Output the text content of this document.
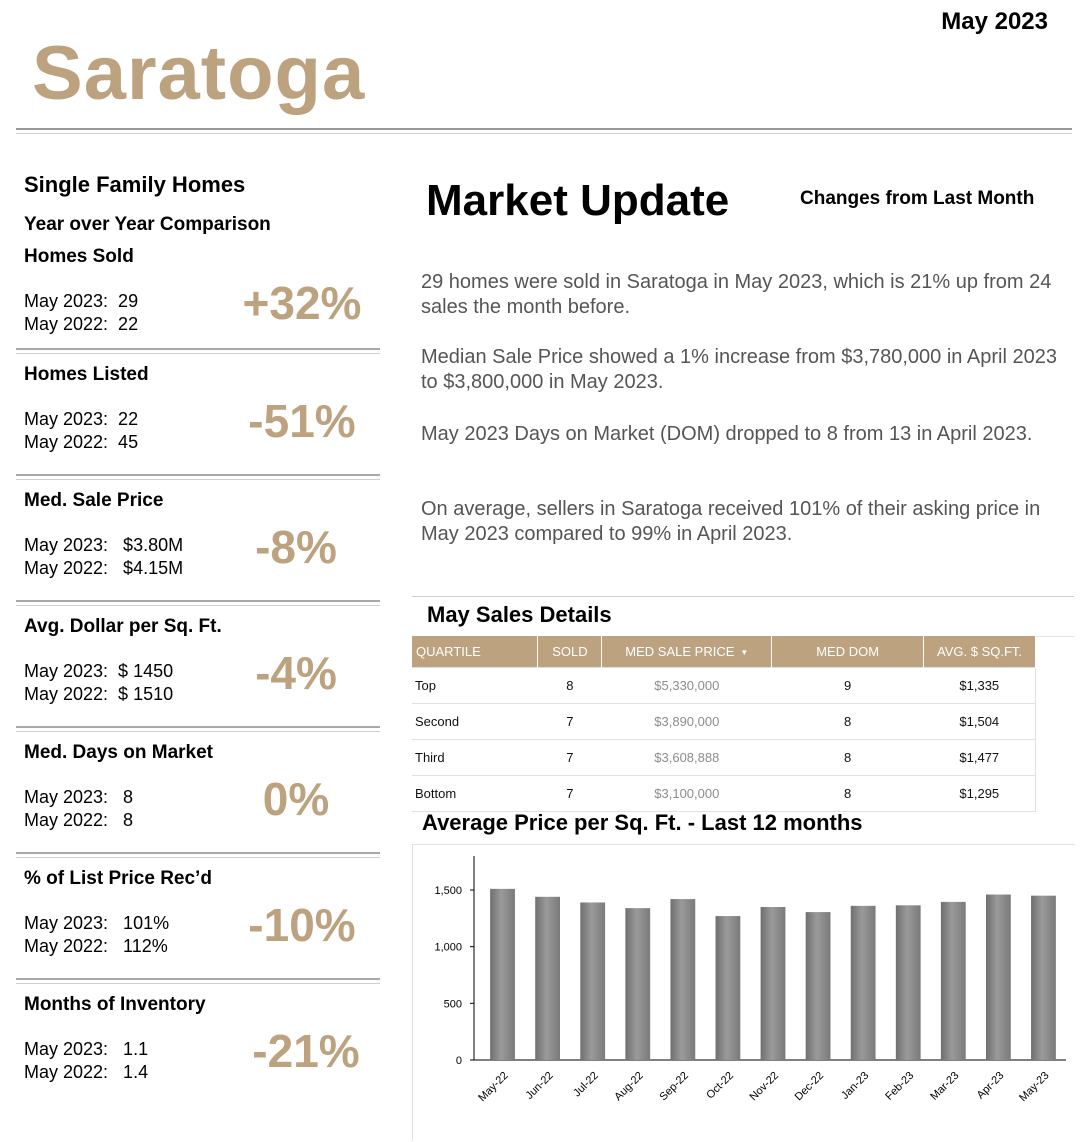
May 2023
Saratoga
Single Family Homes
Year over Year Comparison
Homes Sold
May 2023:  29
May 2022:  22	+32%
Homes Listed
May 2023:  22
May 2022:  45	-51%
Med. Sale Price
May 2023:   $3.80M
May 2022:   $4.15M	-8%
Avg. Dollar per Sq. Ft.
May 2023:  $ 1450
May 2022:  $ 1510	-4%
Med. Days on Market
May 2023:   8
May 2022:   8	0%
% of List Price Rec’d
May 2023:   101%
May 2022:   112%	-10%
Months of Inventory
May 2023:   1.1
May 2022:   1.4	-21%
Market Update	Changes from Last Month
29 homes were sold in Saratoga in May 2023, which is 21% up from 24 sales the month before.
Median Sale Price showed a 1% increase from $3,780,000 in April 2023 to $3,800,000 in May 2023.
May 2023 Days on Market (DOM) dropped to 8 from 13 in April 2023.
On average, sellers in Saratoga received 101% of their asking price in May 2023 compared to 99% in April 2023.
May Sales Details
QUARTILE	SOLD	MED SALE PRICE ▼	MED DOM	AVG. $ SQ.FT.
Top	8	$5,330,000	9	$1,335
Second	7	$3,890,000	8	$1,504
Third	7	$3,608,888	8	$1,477
Bottom	7	$3,100,000	8	$1,295
Average Price per Sq. Ft. - Last 12 months
0
500
1,000
1,500
May-22 Jun-22 Jul-22 Aug-22 Sep-22 Oct-22 Nov-22 Dec-22 Jan-23 Feb-23 Mar-23 Apr-23 May-23
